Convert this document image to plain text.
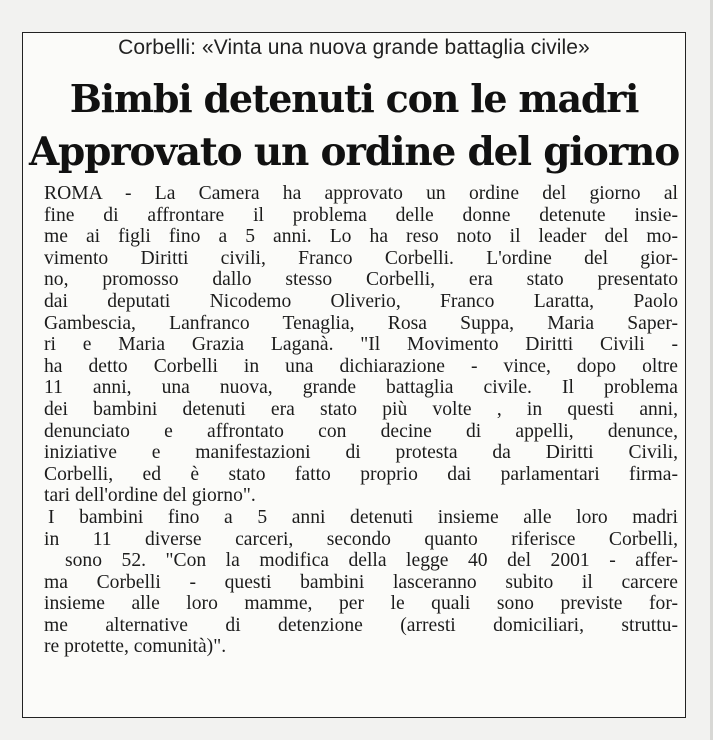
Corbelli: «Vinta una nuova grande battaglia civile»
Bimbi detenuti con le madri
Approvato un ordine del giorno
ROMA - La Camera ha approvato un ordine del giorno al
fine di affrontare il problema delle donne detenute insie-
me ai figli fino a 5 anni. Lo ha reso noto il leader del mo-
vimento Diritti civili, Franco Corbelli. L'ordine del gior-
no, promosso dallo stesso Corbelli, era stato presentato
dai deputati Nicodemo Oliverio, Franco Laratta, Paolo
Gambescia, Lanfranco Tenaglia, Rosa Suppa, Maria Saper-
ri e Maria Grazia Laganà. "Il Movimento Diritti Civili -
ha detto Corbelli in una dichiarazione - vince, dopo oltre
11 anni, una nuova, grande battaglia civile. Il problema
dei bambini detenuti era stato più volte , in questi anni,
denunciato e affrontato con decine di appelli, denunce,
iniziative e manifestazioni di protesta da Diritti Civili,
Corbelli, ed è stato fatto proprio dai parlamentari firma-
tari dell'ordine del giorno".
I bambini fino a 5 anni detenuti insieme alle loro madri
in 11 diverse carceri, secondo quanto riferisce Corbelli,
sono 52. "Con la modifica della legge 40 del 2001 - affer-
ma Corbelli - questi bambini lasceranno subito il carcere
insieme alle loro mamme, per le quali sono previste for-
me alternative di detenzione (arresti domiciliari, struttu-
re protette, comunità)".
